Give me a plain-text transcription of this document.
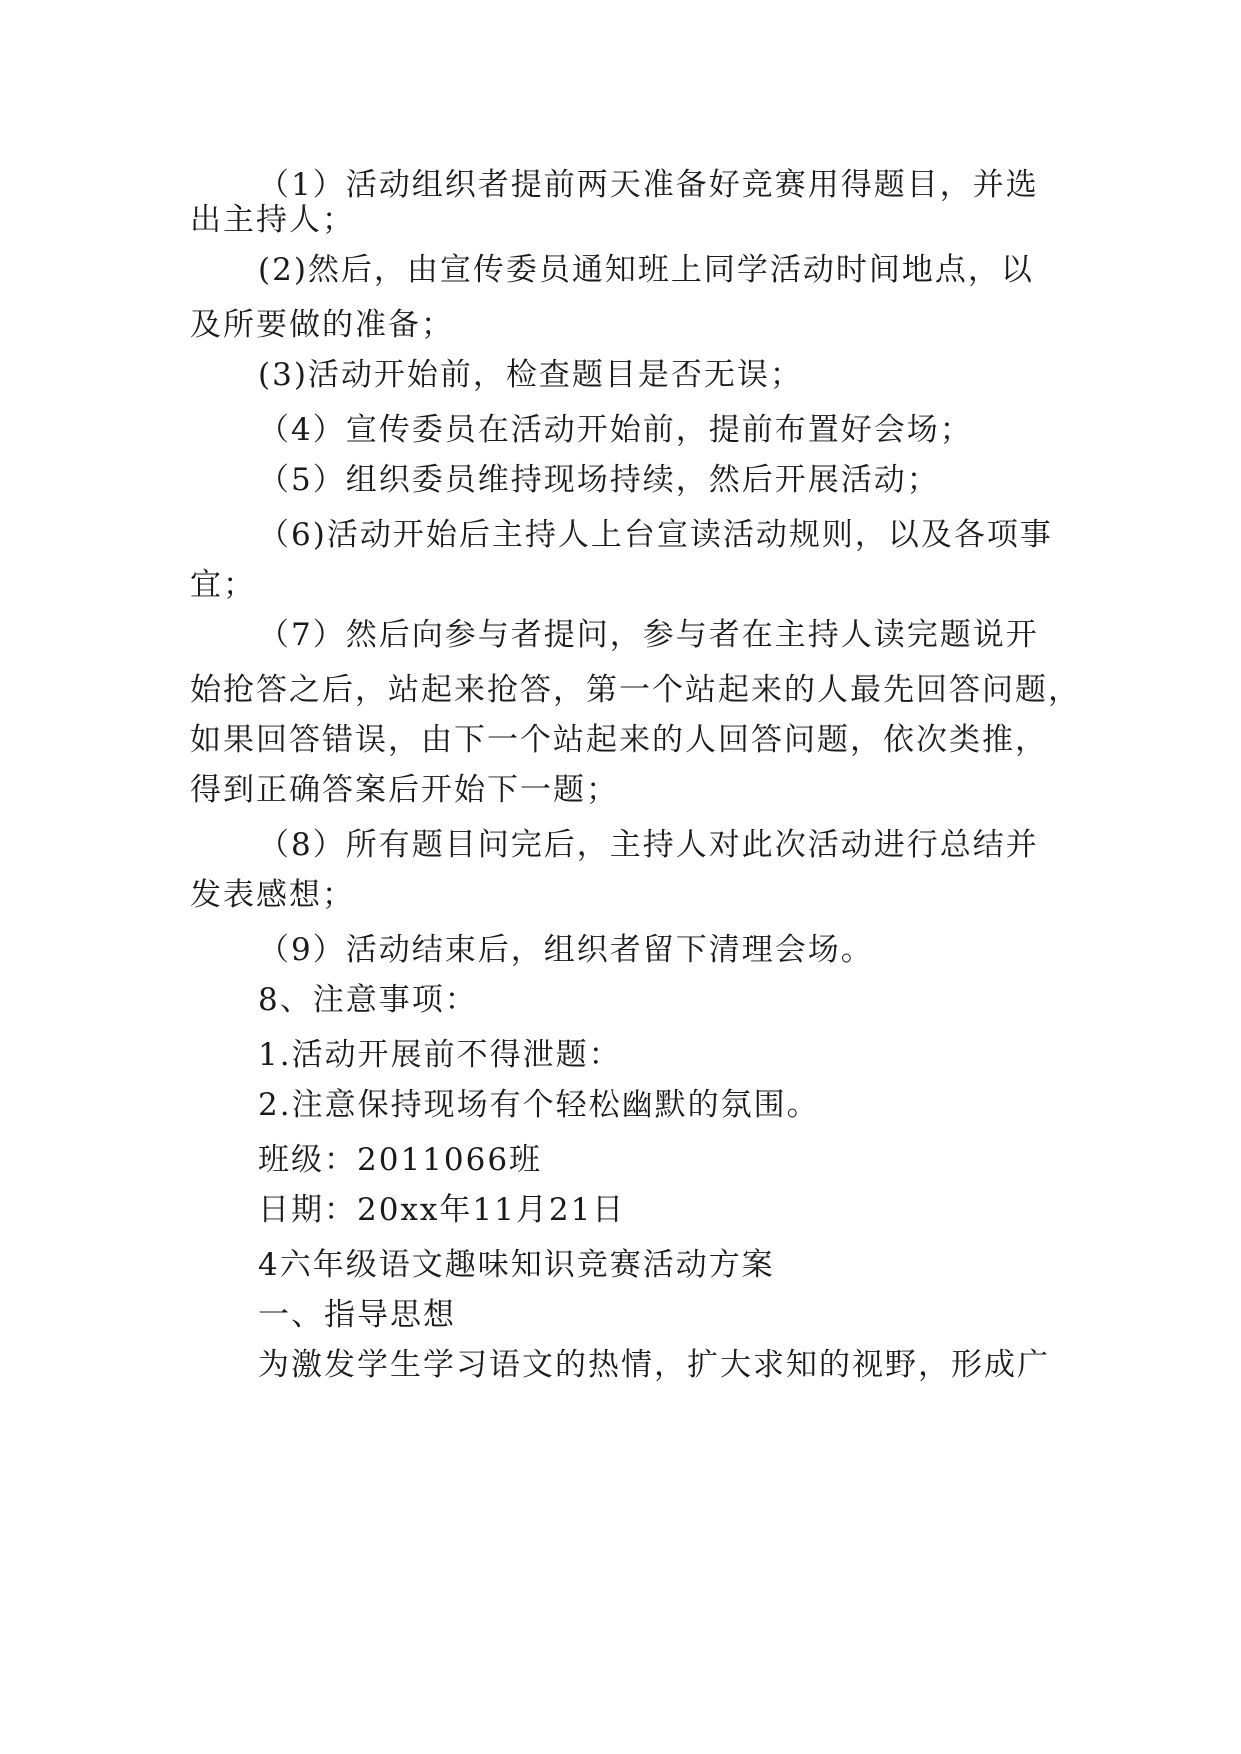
（1）活动组织者提前两天准备好竞赛用得题目，并选
出主持人；
(2)然后，由宣传委员通知班上同学活动时间地点，以
及所要做的准备；
(3)活动开始前，检查题目是否无误；
（4）宣传委员在活动开始前，提前布置好会场；
（5）组织委员维持现场持续，然后开展活动；
（6)活动开始后主持人上台宣读活动规则，以及各项事
宜；
（7）然后向参与者提问，参与者在主持人读完题说开
始抢答之后，站起来抢答，第一个站起来的人最先回答问题，
如果回答错误，由下一个站起来的人回答问题，依次类推，
得到正确答案后开始下一题；
（8）所有题目问完后，主持人对此次活动进行总结并
发表感想；
（9）活动结束后，组织者留下清理会场。
8、注意事项：
1.活动开展前不得泄题：
2.注意保持现场有个轻松幽默的氛围。
班级：2011066班
日期：20xx年11月21日
4六年级语文趣味知识竞赛活动方案
一、指导思想
为激发学生学习语文的热情，扩大求知的视野，形成广
